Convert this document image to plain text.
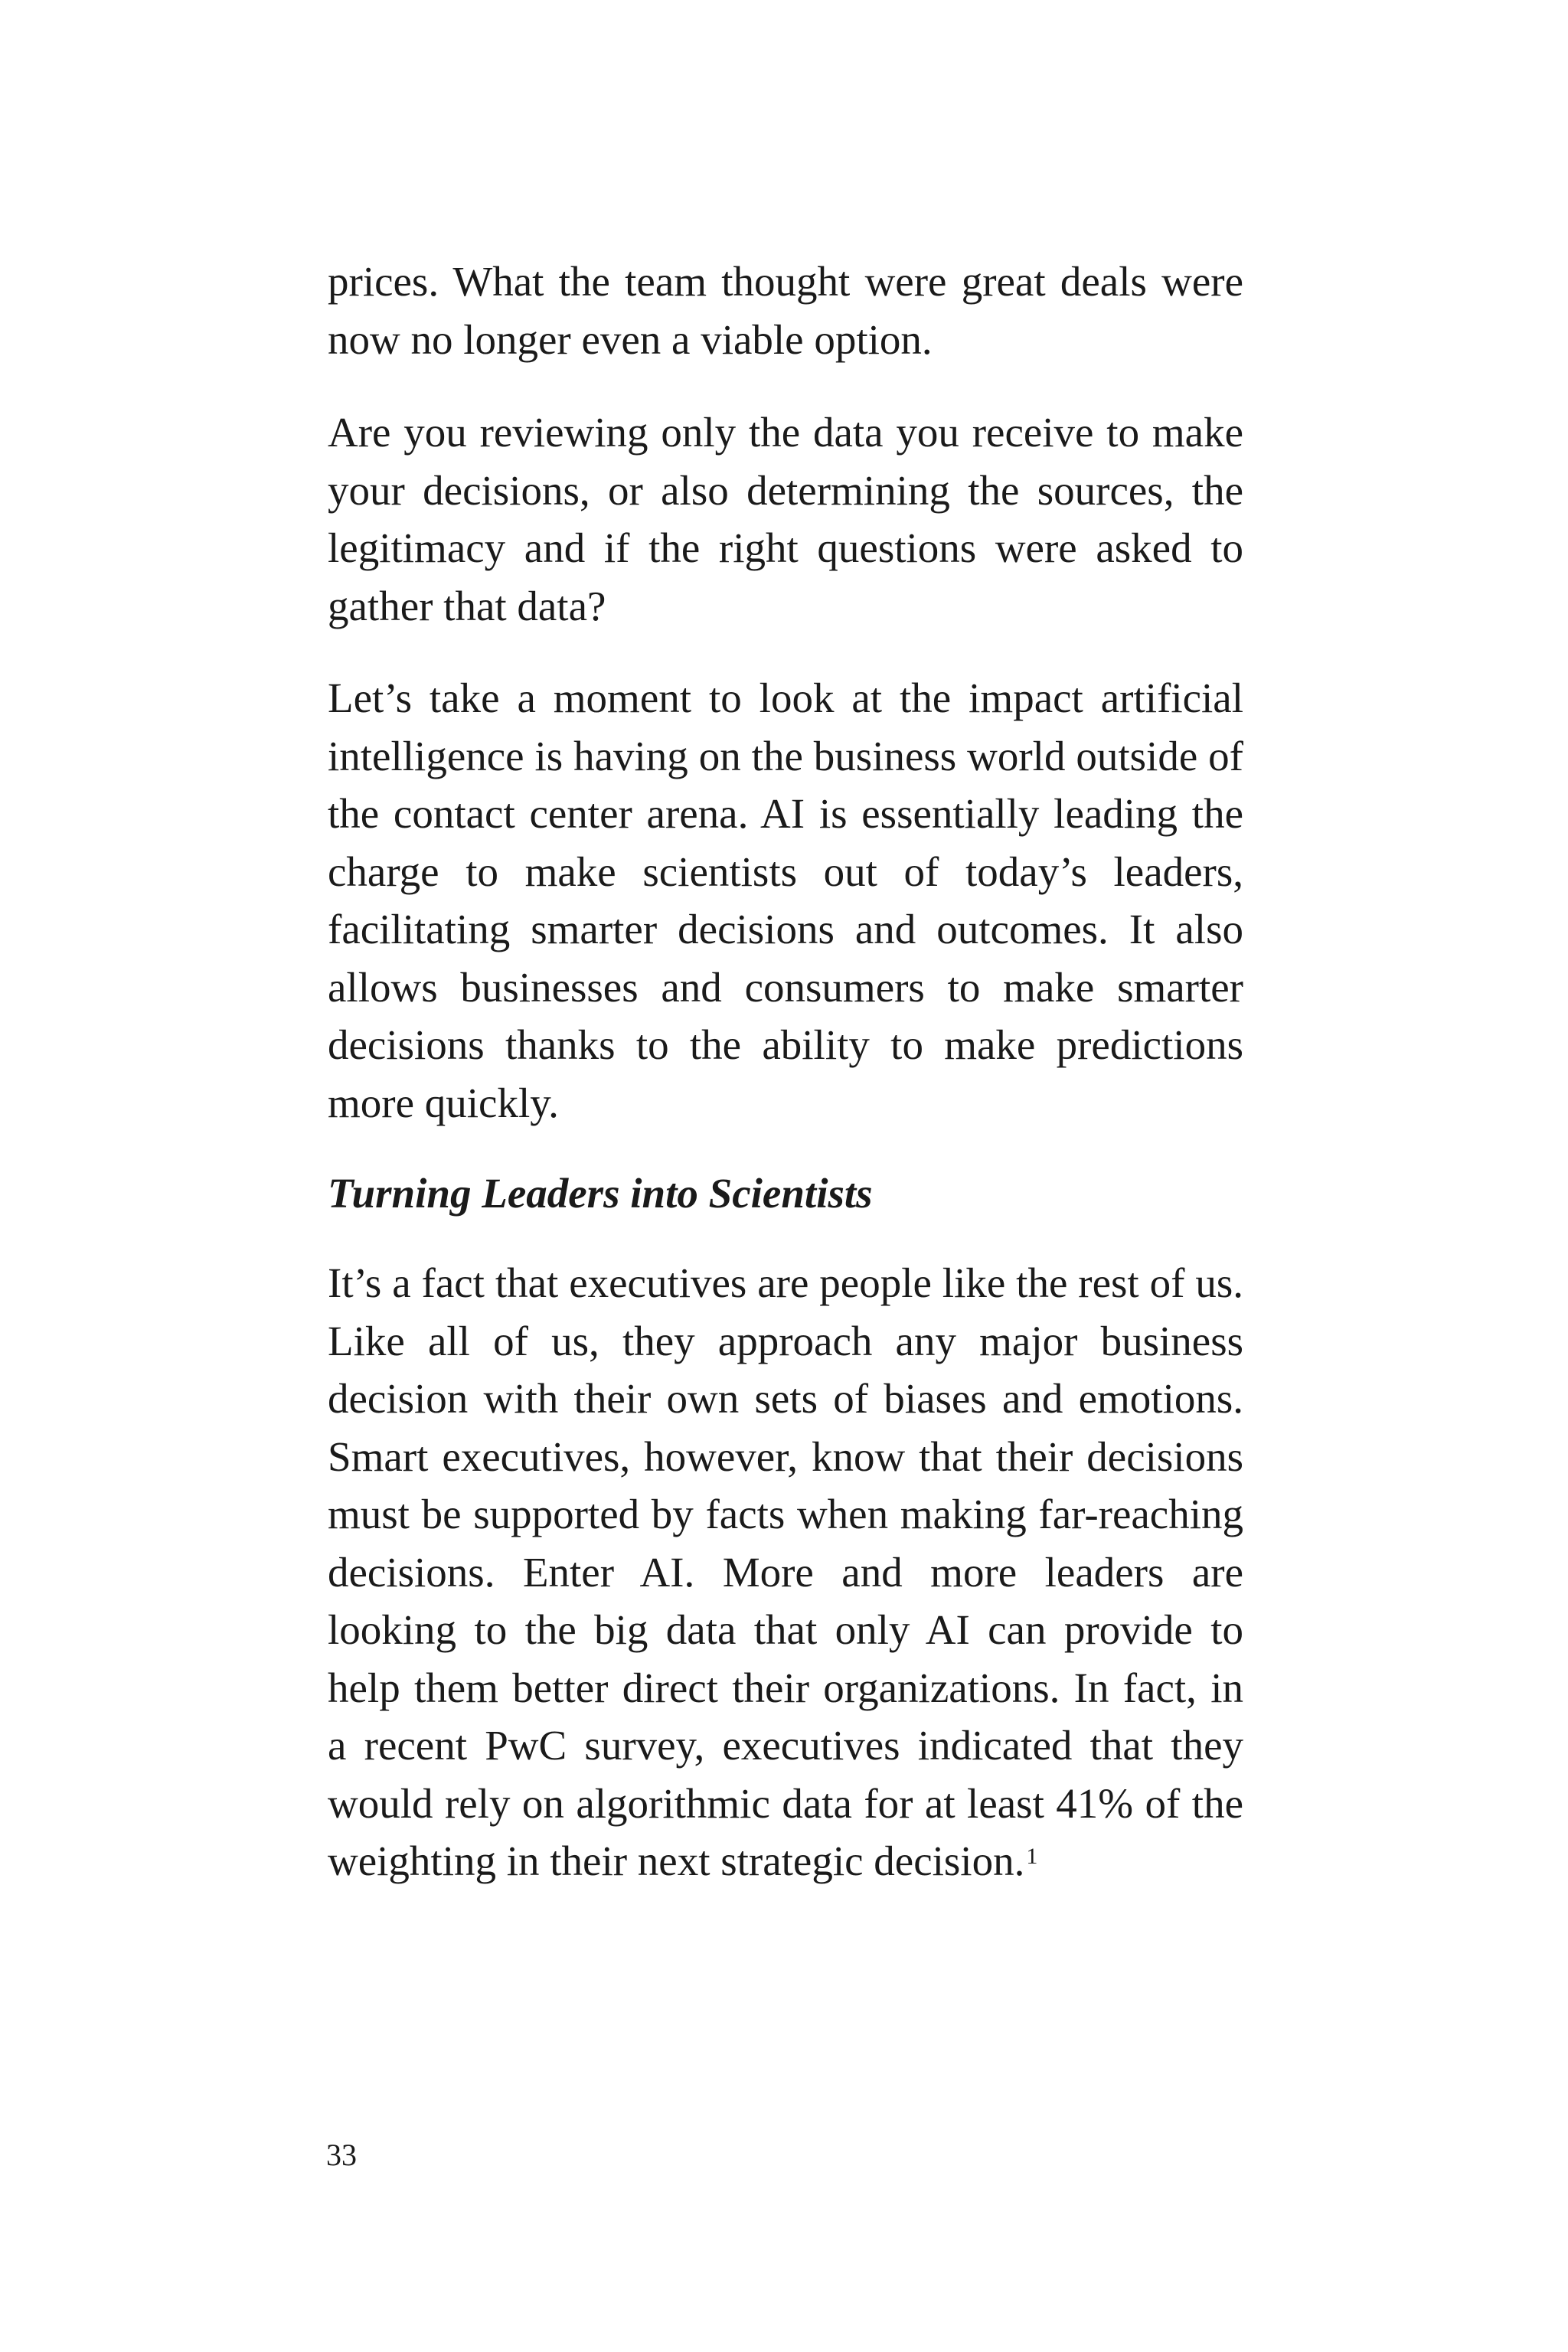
prices. What the team thought were great deals were now no longer even a viable option.

Are you reviewing only the data you receive to make your decisions, or also determining the sources, the legitimacy and if the right questions were asked to gather that data?

Let’s take a moment to look at the impact artificial intelligence is having on the business world outside of the contact center arena. AI is essentially leading the charge to make scientists out of today’s leaders, facilitating smarter decisions and outcomes. It also allows businesses and consumers to make smarter decisions thanks to the ability to make predictions more quickly.

Turning Leaders into Scientists

It’s a fact that executives are people like the rest of us. Like all of us, they approach any major business decision with their own sets of biases and emotions. Smart executives, however, know that their decisions must be supported by facts when making far-reaching decisions. Enter AI. More and more leaders are looking to the big data that only AI can provide to help them better direct their organizations. In fact, in a recent PwC survey, executives indicated that they would rely on algorithmic data for at least 41% of the weighting in their next strategic decision.$^1$

33
